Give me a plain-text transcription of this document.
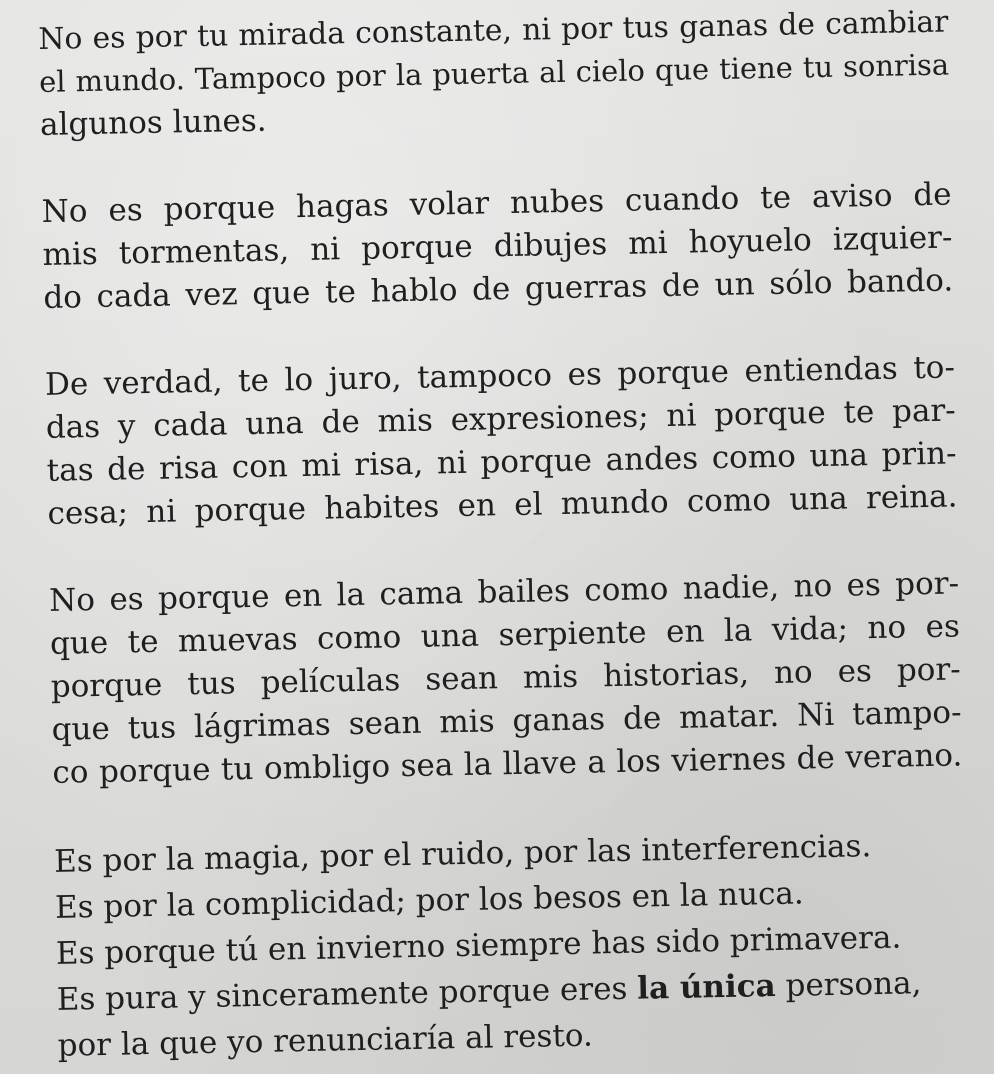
No es por tu mirada constante, ni por tus ganas de cambiar
el mundo. Tampoco por la puerta al cielo que tiene tu sonrisa
algunos lunes.

No es porque hagas volar nubes cuando te aviso de
mis tormentas, ni porque dibujes mi hoyuelo izquier-
do cada vez que te hablo de guerras de un sólo bando.

De verdad, te lo juro, tampoco es porque entiendas to-
das y cada una de mis expresiones; ni porque te par-
tas de risa con mi risa, ni porque andes como una prin-
cesa; ni porque habites en el mundo como una reina.

No es porque en la cama bailes como nadie, no es por-
que te muevas como una serpiente en la vida; no es
porque tus películas sean mis historias, no es por-
que tus lágrimas sean mis ganas de matar. Ni tampo-
co porque tu ombligo sea la llave a los viernes de verano.

Es por la magia, por el ruido, por las interferencias.
Es por la complicidad; por los besos en la nuca.
Es porque tú en invierno siempre has sido primavera.
Es pura y sinceramente porque eres la única persona,
por la que yo renunciaría al resto.
